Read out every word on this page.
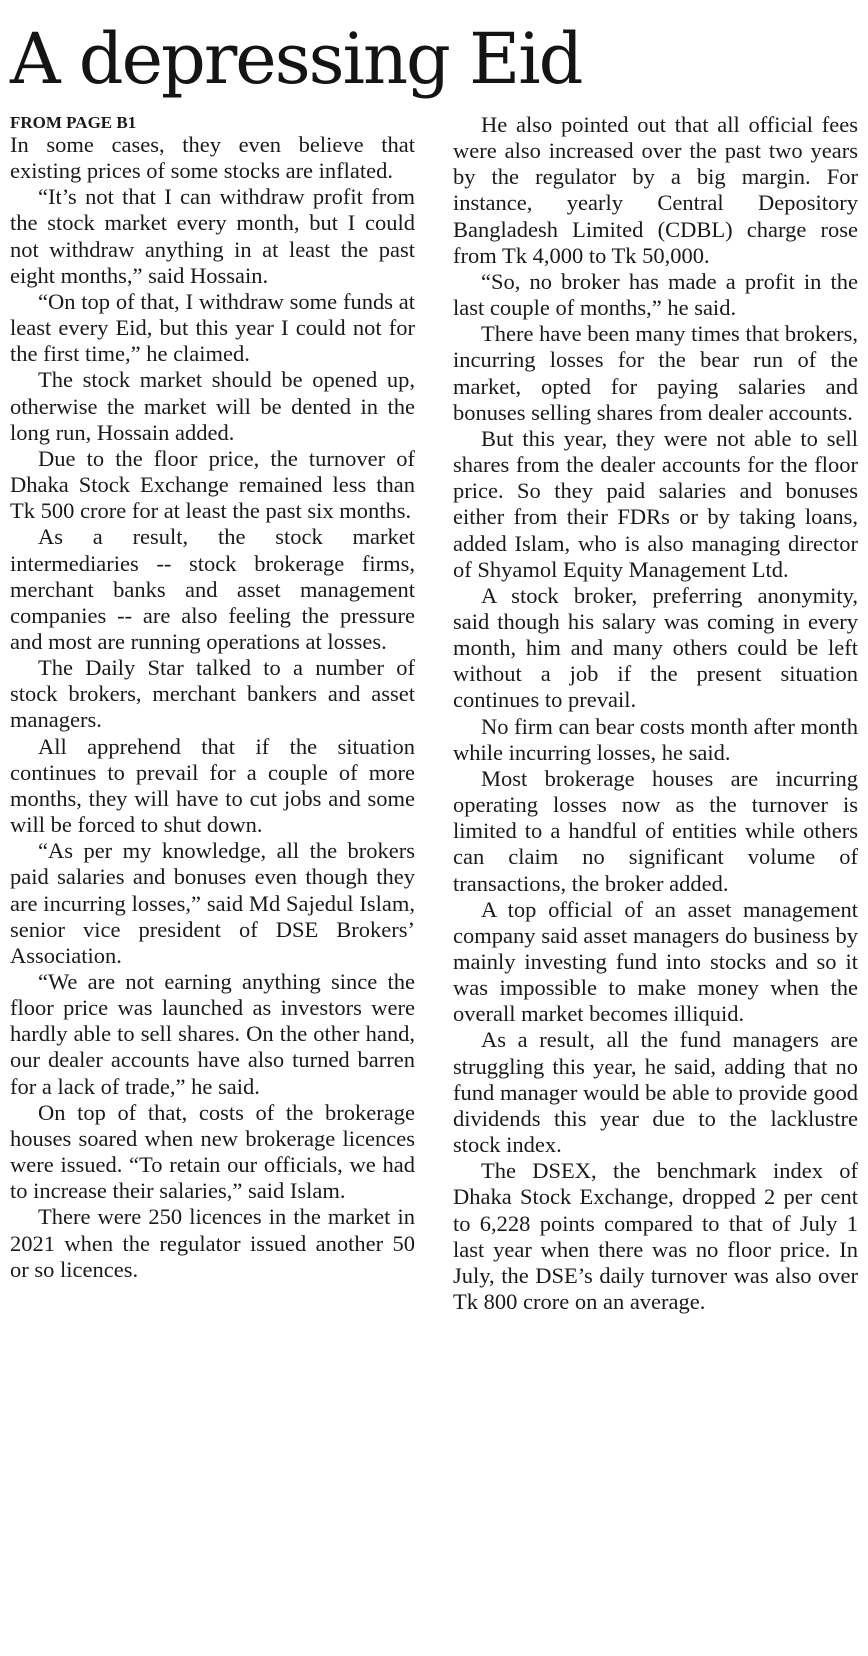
A depressing Eid

FROM PAGE B1

In some cases, they even believe that existing prices of some stocks are inflated.

“It’s not that I can withdraw profit from the stock market every month, but I could not withdraw anything in at least the past eight months,” said Hossain.

“On top of that, I withdraw some funds at least every Eid, but this year I could not for the first time,” he claimed.

The stock market should be opened up, otherwise the market will be dented in the long run, Hossain added.

Due to the floor price, the turnover of Dhaka Stock Exchange remained less than Tk 500 crore for at least the past six months.

As a result, the stock market intermediaries -- stock brokerage firms, merchant banks and asset management companies -- are also feeling the pressure and most are running operations at losses.

The Daily Star talked to a number of stock brokers, merchant bankers and asset managers.

All apprehend that if the situation continues to prevail for a couple of more months, they will have to cut jobs and some will be forced to shut down.

“As per my knowledge, all the brokers paid salaries and bonuses even though they are incurring losses,” said Md Sajedul Islam, senior vice president of DSE Brokers’ Association.

“We are not earning anything since the floor price was launched as investors were hardly able to sell shares. On the other hand, our dealer accounts have also turned barren for a lack of trade,” he said.

On top of that, costs of the brokerage houses soared when new brokerage licences were issued. “To retain our officials, we had to increase their salaries,” said Islam.

There were 250 licences in the market in 2021 when the regulator issued another 50 or so licences.

He also pointed out that all official fees were also increased over the past two years by the regulator by a big margin. For instance, yearly Central Depository Bangladesh Limited (CDBL) charge rose from Tk 4,000 to Tk 50,000.

“So, no broker has made a profit in the last couple of months,” he said.

There have been many times that brokers, incurring losses for the bear run of the market, opted for paying salaries and bonuses selling shares from dealer accounts.

But this year, they were not able to sell shares from the dealer accounts for the floor price. So they paid salaries and bonuses either from their FDRs or by taking loans, added Islam, who is also managing director of Shyamol Equity Management Ltd.

A stock broker, preferring anonymity, said though his salary was coming in every month, him and many others could be left without a job if the present situation continues to prevail.

No firm can bear costs month after month while incurring losses, he said.

Most brokerage houses are incurring operating losses now as the turnover is limited to a handful of entities while others can claim no significant volume of transactions, the broker added.

A top official of an asset management company said asset managers do business by mainly investing fund into stocks and so it was impossible to make money when the overall market becomes illiquid.

As a result, all the fund managers are struggling this year, he said, adding that no fund manager would be able to provide good dividends this year due to the lacklustre stock index.

The DSEX, the benchmark index of Dhaka Stock Exchange, dropped 2 per cent to 6,228 points compared to that of July 1 last year when there was no floor price. In July, the DSE’s daily turnover was also over Tk 800 crore on an average.
